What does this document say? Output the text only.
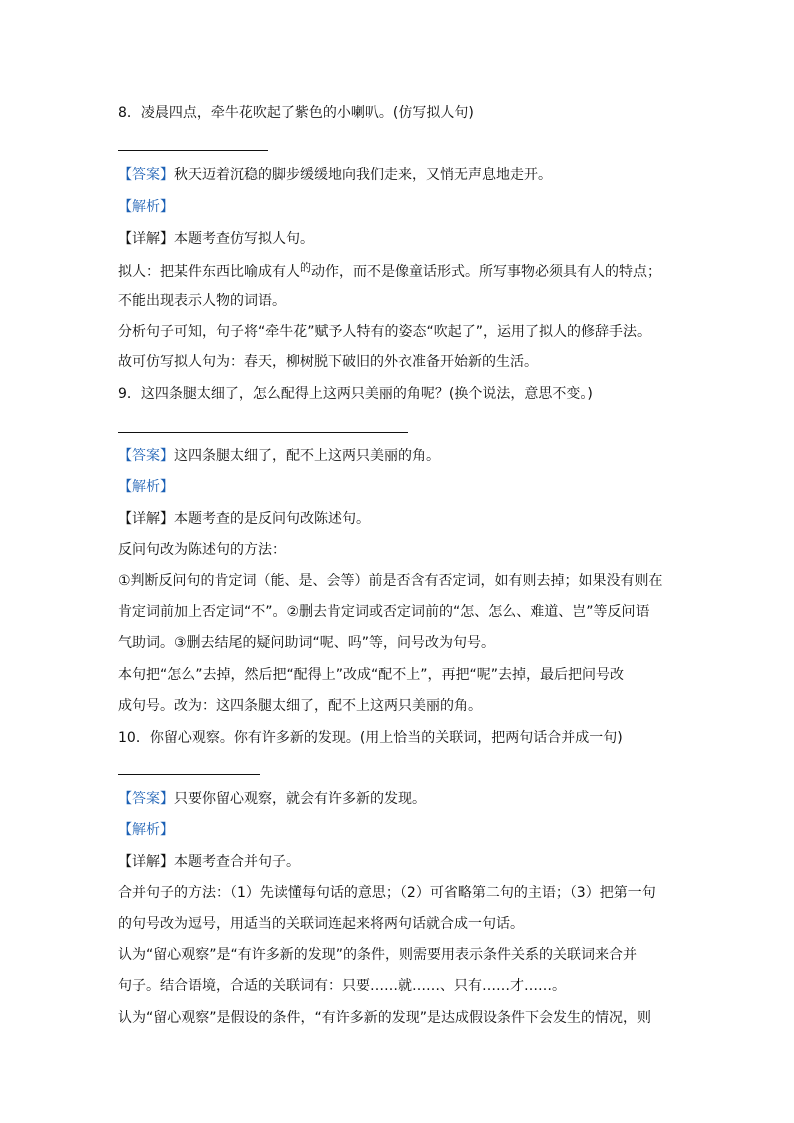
8．凌晨四点，牵牛花吹起了紫色的小喇叭。(仿写拟人句)
【答案】秋天迈着沉稳的脚步缓缓地向我们走来，又悄无声息地走开。
【解析】
【详解】本题考查仿写拟人句。
拟人：把某件东西比喻成有人$^的$动作，而不是像童话形式。所写事物必须具有人的特点；
不能出现表示人物的词语。
分析句子可知，句子将“牵牛花”赋予人特有的姿态“吹起了”，运用了拟人的修辞手法。
故可仿写拟人句为：春天，柳树脱下破旧的外衣准备开始新的生活。
9．这四条腿太细了，怎么配得上这两只美丽的角呢？(换个说法，意思不变。)
【答案】这四条腿太细了，配不上这两只美丽的角。
【解析】
【详解】本题考查的是反问句改陈述句。
反问句改为陈述句的方法：
①判断反问句的肯定词（能、是、会等）前是否含有否定词，如有则去掉；如果没有则在
肯定词前加上否定词“不”。②删去肯定词或否定词前的“怎、怎么、难道、岂”等反问语
气助词。③删去结尾的疑问助词“呢、吗”等，问号改为句号。
本句把“怎么”去掉，然后把“配得上”改成“配不上”，再把“呢”去掉，最后把问号改
成句号。改为：这四条腿太细了，配不上这两只美丽的角。
10．你留心观察。你有许多新的发现。(用上恰当的关联词，把两句话合并成一句)
【答案】只要你留心观察，就会有许多新的发现。
【解析】
【详解】本题考查合并句子。
合并句子的方法：（1）先读懂每句话的意思；（2）可省略第二句的主语；（3）把第一句
的句号改为逗号，用适当的关联词连起来将两句话就合成一句话。
认为“留心观察”是“有许多新的发现”的条件，则需要用表示条件关系的关联词来合并
句子。结合语境，合适的关联词有：只要……就……、只有……才……。
认为“留心观察”是假设的条件，“有许多新的发现”是达成假设条件下会发生的情况，则
